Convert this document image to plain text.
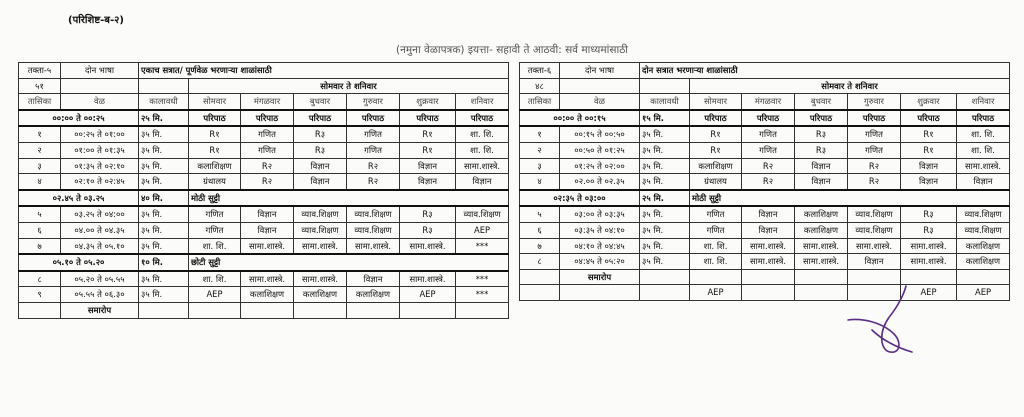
(परिशिष्ट-ब-२)
(नमुना वेळापत्रक) इयत्ता- सहावी ते आठवी: सर्व माध्यमांसाठी
तक्ता-५	दोन भाषा	एकाच सत्रात/ पूर्णवेळ भरणाऱ्या शाळांसाठी						
५१			सोमवार ते शनिवार					
तासिका	वेळ	कालावधी	सोमवार	मंगळवार	बुधवार	गुरुवार	शुक्रवार	शनिवार
००:०० ते ००:२५		२५ मि.	परिपाठ	परिपाठ	परिपाठ	परिपाठ	परिपाठ	परिपाठ
१	००:२५ ते ०१:००	३५ मि.	R१	गणित	R३	गणित	R१	शा. शि.
२	०१:०० ते ०१:३५	३५ मि.	R१	गणित	R३	गणित	R१	शा. शि.
३	०१:३५ ते ०२:१०	३५ मि.	कलाशिक्षण	R२	विज्ञान	R२	विज्ञान	सामा.शास्त्रे.
४	०२:१० ते ०२:४५	३५ मि.	ग्रंथालय	R२	विज्ञान	R२	विज्ञान	विज्ञान
०२.४५ ते ०३.२५		४० मि.	मोठी सुट्टी					
५	०३.२५ ते ०४:००	३५ मि.	गणित	विज्ञान	व्याव.शिक्षण	व्याव.शिक्षण	R३	व्याव.शिक्षण
६	०४.०० ते ०४.३५	३५ मि.	गणित	विज्ञान	व्याव.शिक्षण	व्याव.शिक्षण	R३	AEP
७	०४.३५ ते ०५.१०	३५ मि.	शा. शि.	सामा.शास्त्रे.	सामा.शास्त्रे.	सामा.शास्त्रे.	सामा.शास्त्रे.	***
०५.१० ते ०५.२०		१० मि.	छोटी सुट्टी					
८	०५.२० ते ०५.५५	३५ मि.	शा. शि.	सामा.शास्त्रे.	सामा.शास्त्रे.	विज्ञान	सामा.शास्त्रे.	***
९	०५.५५ ते ०६.३०	३५ मि.	AEP	कलाशिक्षण	कलाशिक्षण	कलाशिक्षण	AEP	***
	समारोप							
तक्ता-६	दोन भाषा	दोन सत्रात भरणाऱ्या शाळांसाठी						
४८			सोमवार ते शनिवार					
तासिका	वेळ	कालावधी	सोमवार	मंगळवार	बुधवार	गुरुवार	शुक्रवार	शनिवार
००:०० ते ००:१५		१५ मि.	परिपाठ	परिपाठ	परिपाठ	परिपाठ	परिपाठ	परिपाठ
१	००:१५ ते ००:५०	३५ मि.	R१	गणित	R३	गणित	R१	शा. शि.
२	००:५० ते ०१:२५	३५ मि.	R१	गणित	R३	गणित	R१	शा. शि.
३	०१:२५ ते ०२:००	३५ मि.	कलाशिक्षण	R२	विज्ञान	R२	विज्ञान	सामा.शास्त्रे.
४	०२.०० ते ०२.३५	३५ मि.	ग्रंथालय	R२	विज्ञान	R२	विज्ञान	विज्ञान
०२:३५ ते ०३:००		२५ मि.	मोठी सुट्टी					
५	०३:०० ते ०३:३५	३५ मि.	गणित	विज्ञान	कलाशिक्षण	व्याव.शिक्षण	R३	व्याव.शिक्षण
६	०३:३५ ते ०४:१०	३५ मि.	गणित	विज्ञान	कलाशिक्षण	व्याव.शिक्षण	R३	व्याव.शिक्षण
७	०४:१० ते ०४:४५	३५ मि.	शा. शि.	सामा.शास्त्रे.	सामा.शास्त्रे.	सामा.शास्त्रे.	सामा.शास्त्रे.	कलाशिक्षण
८	०४:४५ ते ०५:२०	३५ मि.	शा. शि.	सामा.शास्त्रे.	सामा.शास्त्रे.	विज्ञान	सामा.शास्त्रे.	कलाशिक्षण
	समारोप							
			AEP				AEP	AEP
